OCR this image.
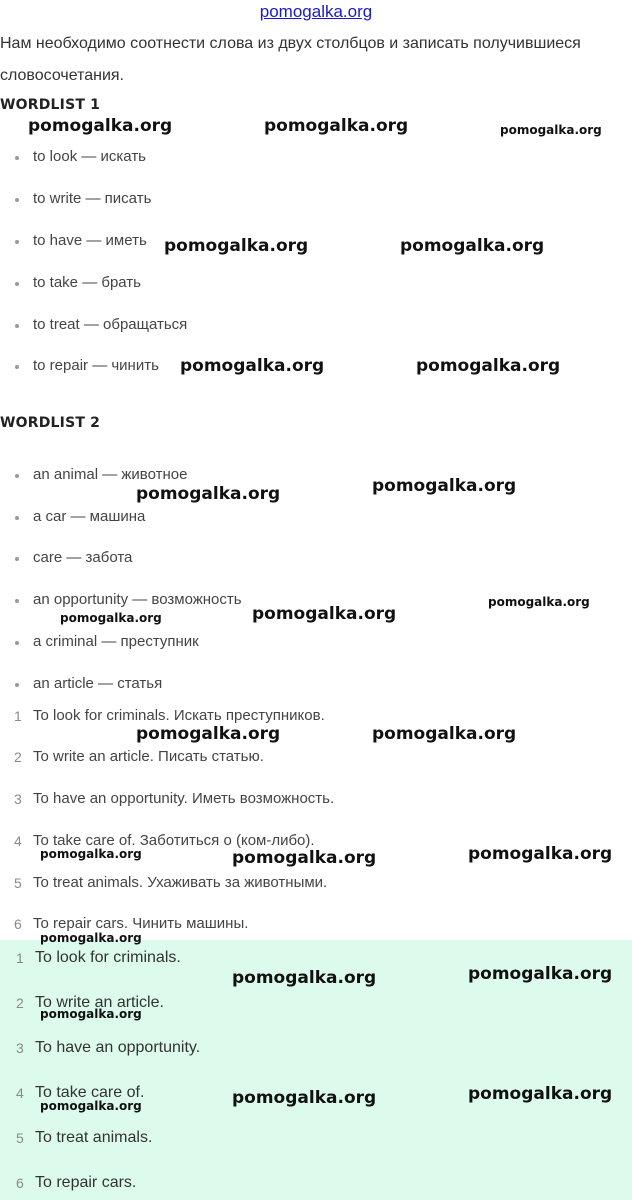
pomogalka.org
Нам необходимо соотнести слова из двух столбцов и записать получившиеся словосочетания.
WORDLIST 1
to look — искать
to write — писать
to have — иметь
to take — брать
to treat — обращаться
to repair — чинить
WORDLIST 2
an animal — животное
a car — машина
care — забота
an opportunity — возможность
a criminal — преступник
an article — статья
1 To look for criminals. Искать преступников.
2 To write an article. Писать статью.
3 To have an opportunity. Иметь возможность.
4 To take care of. Заботиться о (ком-либо).
5 To treat animals. Ухаживать за животными.
6 To repair cars. Чинить машины.
1 To look for criminals.
2 To write an article.
3 To have an opportunity.
4 To take care of.
5 To treat animals.
6 To repair cars.
pomogalka.org	pomogalka.org	pomogalka.org
pomogalka.org	pomogalka.org
pomogalka.org	pomogalka.org
pomogalka.org	pomogalka.org
pomogalka.org	pomogalka.org
pomogalka.org
pomogalka.org	pomogalka.org
pomogalka.org	pomogalka.org	pomogalka.org
pomogalka.org
pomogalka.org	pomogalka.org
pomogalka.org
pomogalka.org	pomogalka.org
pomogalka.org
